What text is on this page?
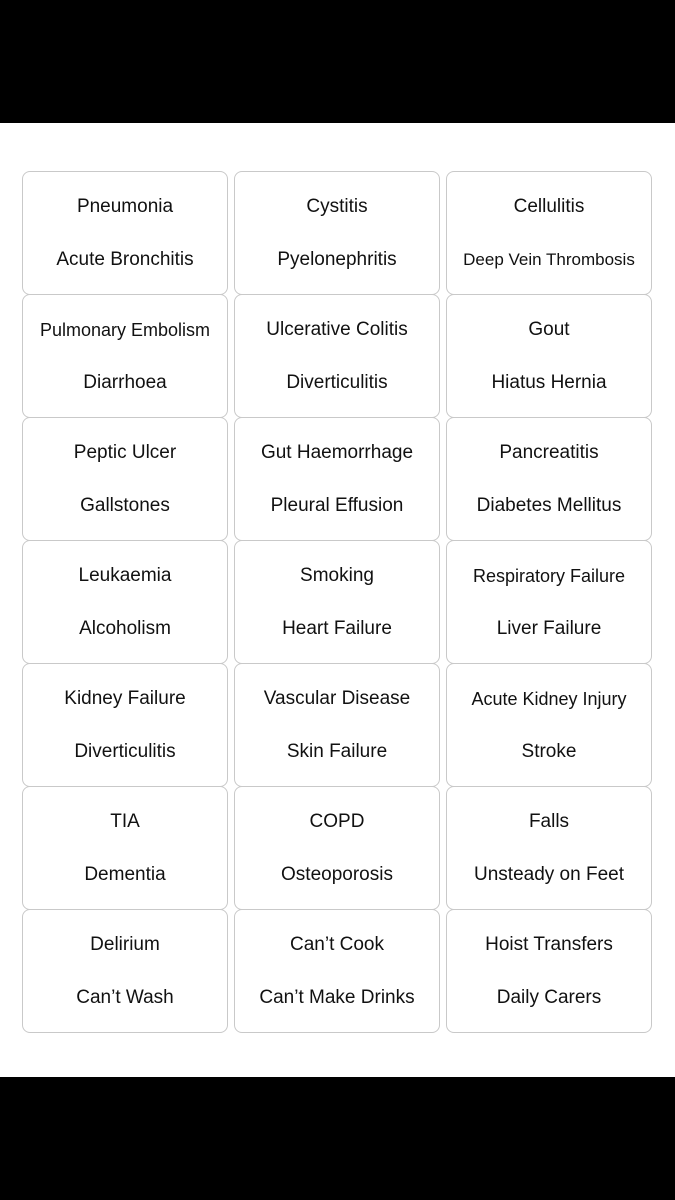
Pneumonia
Acute Bronchitis
Cystitis
Pyelonephritis
Cellulitis
Deep Vein Thrombosis
Pulmonary Embolism
Diarrhoea
Ulcerative Colitis
Diverticulitis
Gout
Hiatus Hernia
Peptic Ulcer
Gallstones
Gut Haemorrhage
Pleural Effusion
Pancreatitis
Diabetes Mellitus
Leukaemia
Alcoholism
Smoking
Heart Failure
Respiratory Failure
Liver Failure
Kidney Failure
Diverticulitis
Vascular Disease
Skin Failure
Acute Kidney Injury
Stroke
TIA
Dementia
COPD
Osteoporosis
Falls
Unsteady on Feet
Delirium
Can’t Wash
Can’t Cook
Can’t Make Drinks
Hoist Transfers
Daily Carers
